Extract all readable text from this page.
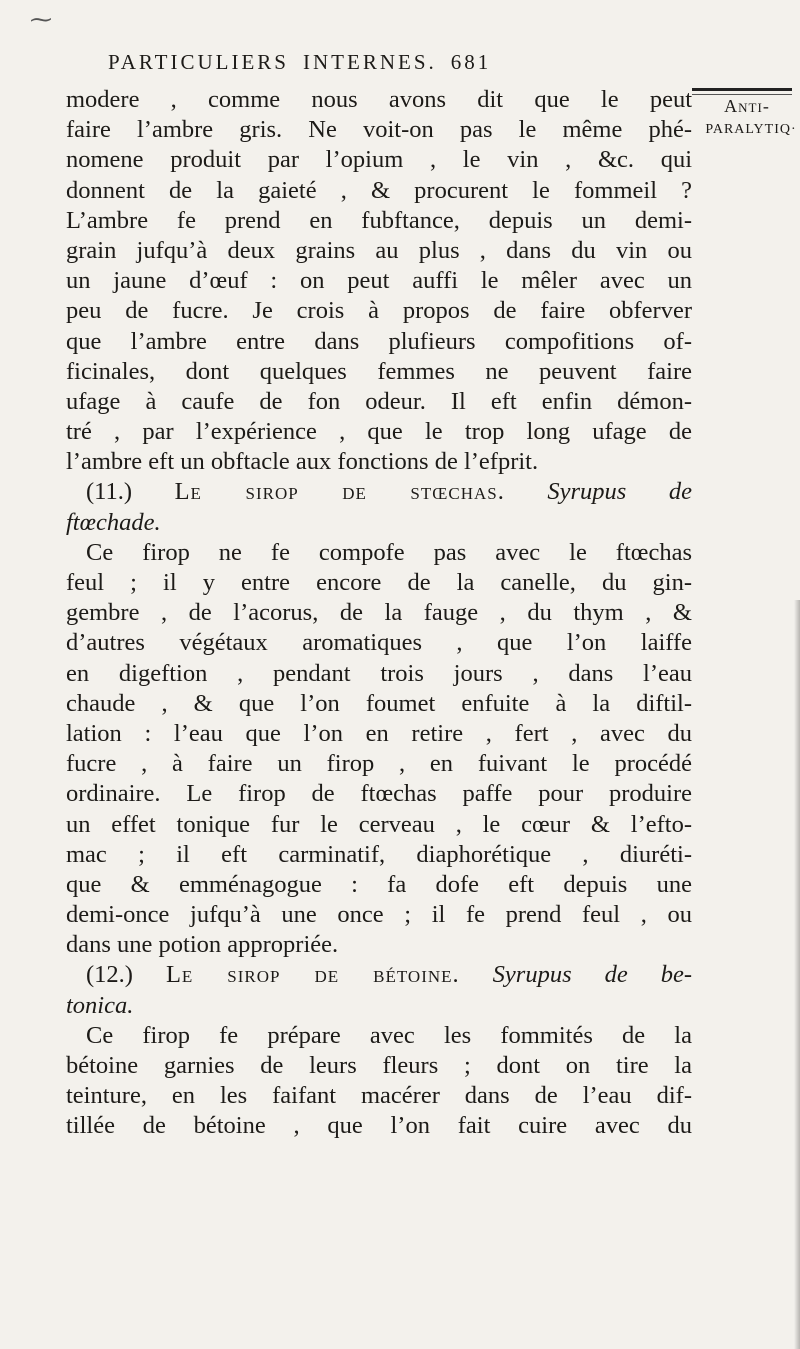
⁓
PARTICULIERS INTERNES. 681
Anti-
PARALYTIQ·
modere , comme nous avons dit que le peut
faire l’ambre gris. Ne voit-on pas le même phé-
nomene produit par l’opium , le vin , &c. qui
donnent de la gaieté , & procurent le fommeil ?
L’ambre fe prend en fubftance, depuis un demi-
grain jufqu’à deux grains au plus , dans du vin ou
un jaune d’œuf : on peut auffi le mêler avec un
peu de fucre. Je crois à propos de faire obferver
que l’ambre entre dans plufieurs compofitions of-
ficinales, dont quelques femmes ne peuvent faire
ufage à caufe de fon odeur. Il eft enfin démon-
tré , par l’expérience , que le trop long ufage de
l’ambre eft un obftacle aux fonctions de l’efprit.
(11.) Le sirop de stœchas. Syrupus de
ftœchade.
Ce firop ne fe compofe pas avec le ftœchas
feul ; il y entre encore de la canelle, du gin-
gembre , de l’acorus, de la fauge , du thym , &
d’autres végétaux aromatiques , que l’on laiffe
en digeftion , pendant trois jours , dans l’eau
chaude , & que l’on foumet enfuite à la diftil-
lation : l’eau que l’on en retire , fert , avec du
fucre , à faire un firop , en fuivant le procédé
ordinaire. Le firop de ftœchas paffe pour produire
un effet tonique fur le cerveau , le cœur & l’efto-
mac ; il eft carminatif, diaphorétique , diuréti-
que & emménagogue : fa dofe eft depuis une
demi-once jufqu’à une once ; il fe prend feul , ou
dans une potion appropriée.
(12.) Le sirop de bétoine. Syrupus de be-
tonica.
Ce firop fe prépare avec les fommités de la
bétoine garnies de leurs fleurs ; dont on tire la
teinture, en les faifant macérer dans de l’eau dif-
tillée de bétoine , que l’on fait cuire avec du
